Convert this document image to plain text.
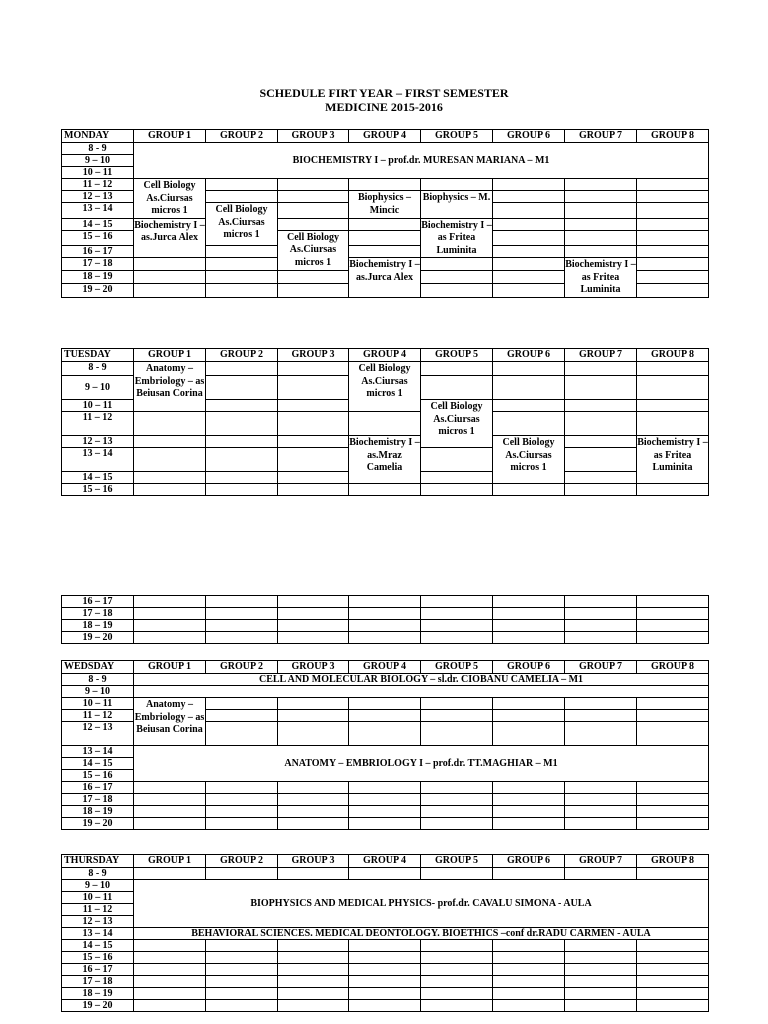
SCHEDULE FIRT YEAR – FIRST SEMESTER
MEDICINE 2015-2016
MONDAY	GROUP 1	GROUP 2	GROUP 3	GROUP 4	GROUP 5	GROUP 6	GROUP 7	GROUP 8	
8 - 9	BIOCHEMISTRY I – prof.dr. MURESAN MARIANA – M1								
9 – 10									
10 – 11									
11 – 12	Cell Biology As.Ciursas micros 1								
12 – 13				Biophysics – Mincic	Biophysics – M.				
13 – 14		Cell Biology As.Ciursas micros 1							
14 – 15	Biochemistry I – as.Jurca Alex				Biochemistry I – as Fritea Luminita				
15 – 16			Cell Biology As.Ciursas micros 1						
16 – 17									
17 – 18				Biochemistry I – as.Jurca Alex			Biochemistry I – as Fritea Luminita		
18 – 19									
19 – 20									
TUESDAY	GROUP 1	GROUP 2	GROUP 3	GROUP 4	GROUP 5	GROUP 6	GROUP 7	GROUP 8
8 - 9	Anatomy – Embriology – as Beiusan Corina			Cell Biology As.Ciursas micros 1				
9 – 10								
10 – 11					Cell Biology As.Ciursas micros 1			
11 – 12								
12 – 13				Biochemistry I – as.Mraz Camelia		Cell Biology As.Ciursas micros 1		Biochemistry I – as Fritea Luminita
13 – 14								
14 – 15								
15 – 16								
16 – 17								
17 – 18								
18 – 19								
19 – 20								
WEDSDAY	GROUP 1	GROUP 2	GROUP 3	GROUP 4	GROUP 5	GROUP 6	GROUP 7	GROUP 8
8 - 9	CELL AND MOLECULAR BIOLOGY – sl.dr. CIOBANU CAMELIA – M1							
9 – 10								
10 – 11	Anatomy – Embriology – as Beiusan Corina							
11 – 12								
12 – 13								
13 – 14	ANATOMY – EMBRIOLOGY I – prof.dr. TT.MAGHIAR – M1							
14 – 15								
15 – 16								
16 – 17								
17 – 18								
18 – 19								
19 – 20								
THURSDAY	GROUP 1	GROUP 2	GROUP 3	GROUP 4	GROUP 5	GROUP 6	GROUP 7	GROUP 8
8 - 9								
9 – 10	BIOPHYSICS AND MEDICAL PHYSICS- prof.dr. CAVALU SIMONA - AULA							
10 – 11								
11 – 12								
12 – 13								
13 – 14	BEHAVIORAL SCIENCES. MEDICAL DEONTOLOGY. BIOETHICS –conf dr.RADU CARMEN - AULA							
14 – 15								
15 – 16								
16 – 17								
17 – 18								
18 – 19								
19 – 20								
